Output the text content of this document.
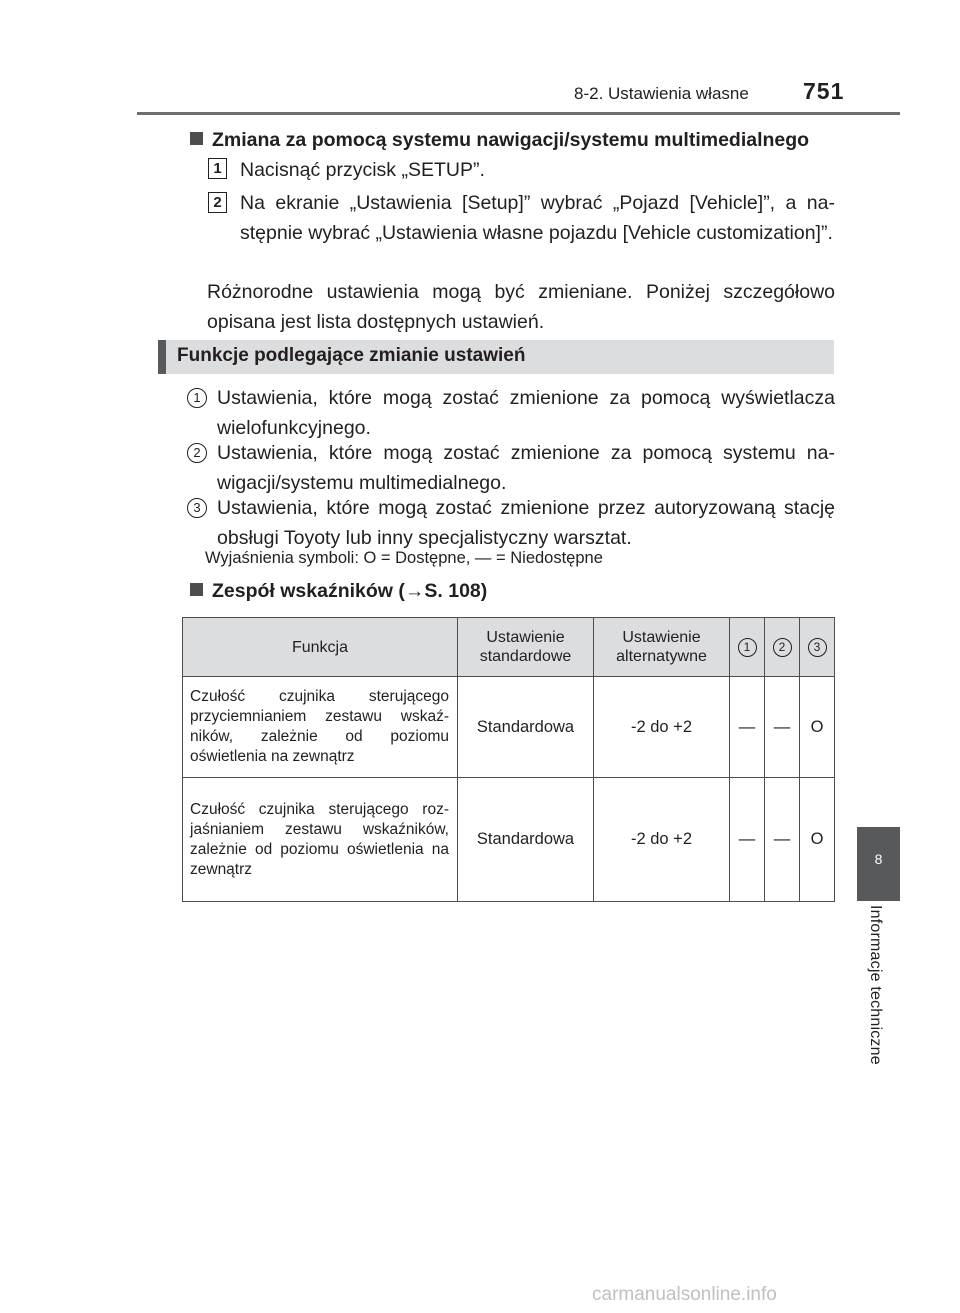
8-2. Ustawienia własne 751
8
Informacje techniczne
Zmiana za pomocą systemu nawigacji/systemu multimedialnego
1 Nacisnąć przycisk „SETUP”.
2 Na ekranie „Ustawienia [Setup]” wybrać „Pojazd [Vehicle]”, a następnie wybrać „Ustawienia własne pojazdu [Vehicle customization]”.
Różnorodne ustawienia mogą być zmieniane. Poniżej szczegółowo opisana jest lista dostępnych ustawień.
Funkcje podlegające zmianie ustawień
1 Ustawienia, które mogą zostać zmienione za pomocą wyświetlacza wielofunkcyjnego.
2 Ustawienia, które mogą zostać zmienione za pomocą systemu nawigacji/systemu multimedialnego.
3 Ustawienia, które mogą zostać zmienione przez autoryzowaną stację obsługi Toyoty lub inny specjalistyczny warsztat.
Wyjaśnienia symboli: O = Dostępne, — = Niedostępne
Zespół wskaźników (→S. 108)
Funkcja	Ustawienie standardowe	Ustawienie alternatywne	1	2	3
Czułość czujnika sterującego przyciemnianiem zestawu wskaźników, zależnie od poziomu oświetlenia na zewnątrz	Standardowa	-2 do +2	—	—	O
Czułość czujnika sterującego rozjaśnianiem zestawu wskaźników, zależnie od poziomu oświetlenia na zewnątrz	Standardowa	-2 do +2	—	—	O
carmanualsonline.info
